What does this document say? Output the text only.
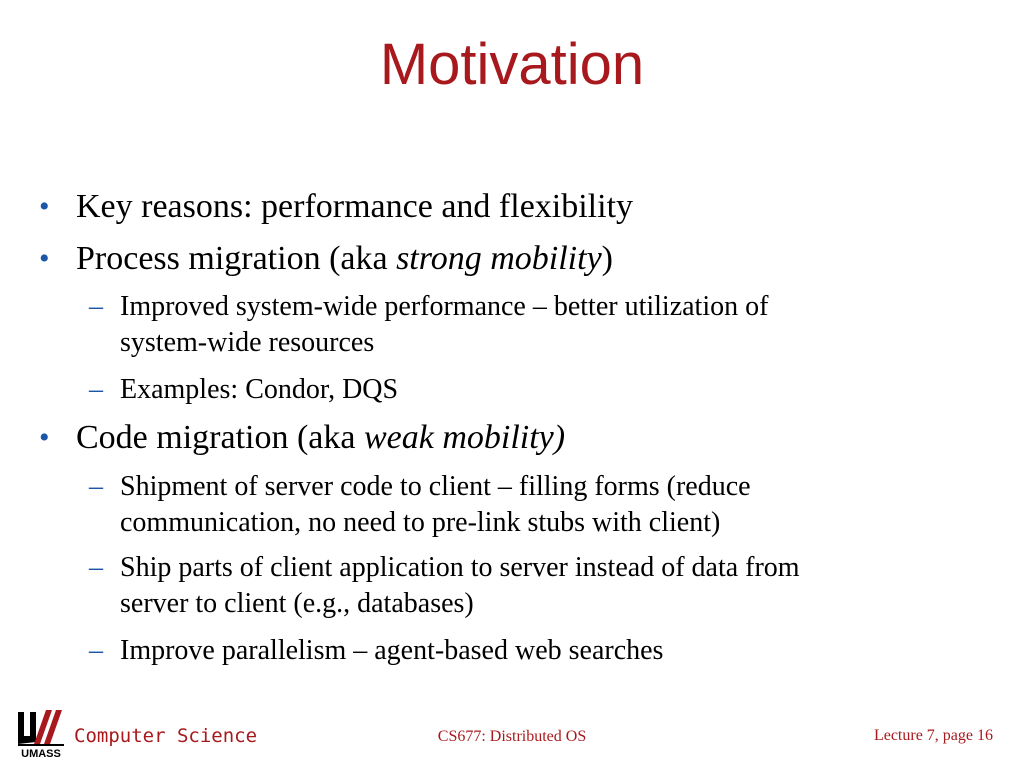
Motivation
• Key reasons: performance and flexibility
• Process migration (aka strong mobility)
– Improved system-wide performance – better utilization of
system-wide resources
– Examples: Condor, DQS
• Code migration (aka weak mobility)
– Shipment of server code to client – filling forms (reduce
communication, no need to pre-link stubs with client)
– Ship parts of client application to server instead of data from
server to client (e.g., databases)
– Improve parallelism – agent-based web searches
UMASS
Computer Science	CS677: Distributed OS	Lecture 7, page 16
